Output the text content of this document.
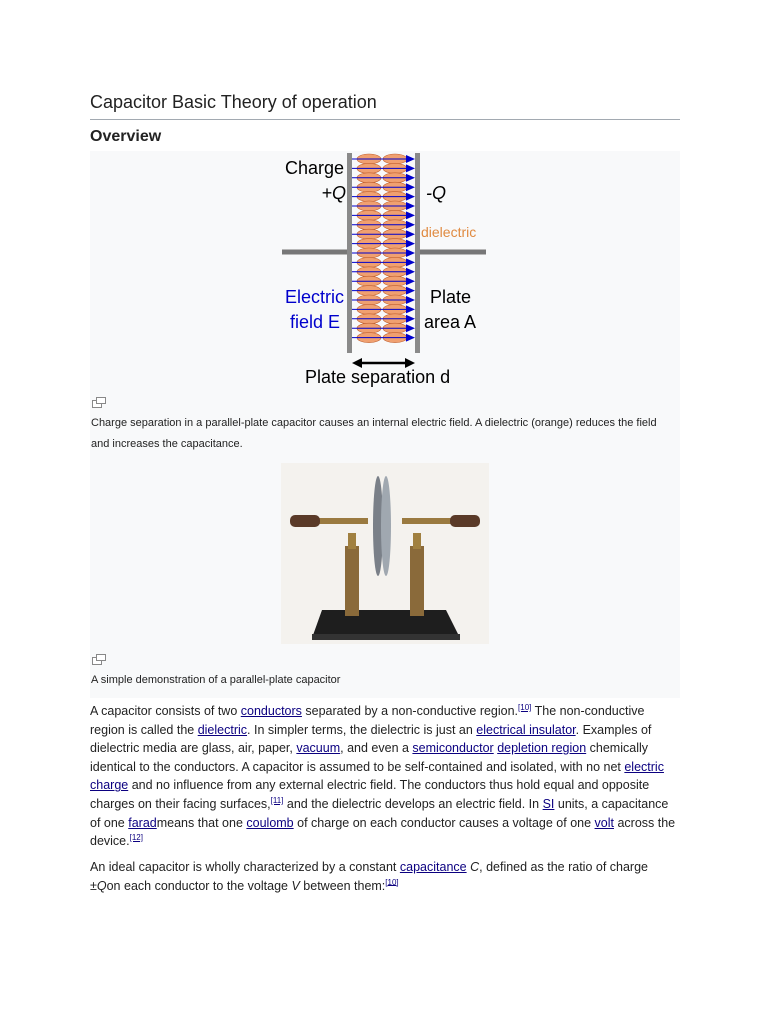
Capacitor Basic Theory of operation
Overview
Charge
+Q	-Q
dielectric
Electric
field E
Plate
area A
Plate separation d
Charge separation in a parallel-plate capacitor causes an internal electric field. A dielectric (orange) reduces the field and increases the capacitance.
A simple demonstration of a parallel-plate capacitor
A capacitor consists of two conductors separated by a non-conductive region.[10] The non-conductive region is called the dielectric. In simpler terms, the dielectric is just an electrical insulator. Examples of dielectric media are glass, air, paper, vacuum, and even a semiconductor depletion region chemically identical to the conductors. A capacitor is assumed to be self-contained and isolated, with no net electric charge and no influence from any external electric field. The conductors thus hold equal and opposite charges on their facing surfaces,[11] and the dielectric develops an electric field. In SI units, a capacitance of one faradmeans that one coulomb of charge on each conductor causes a voltage of one volt across the device.[12]
An ideal capacitor is wholly characterized by a constant capacitance C, defined as the ratio of charge ±Qon each conductor to the voltage V between them:[10]
